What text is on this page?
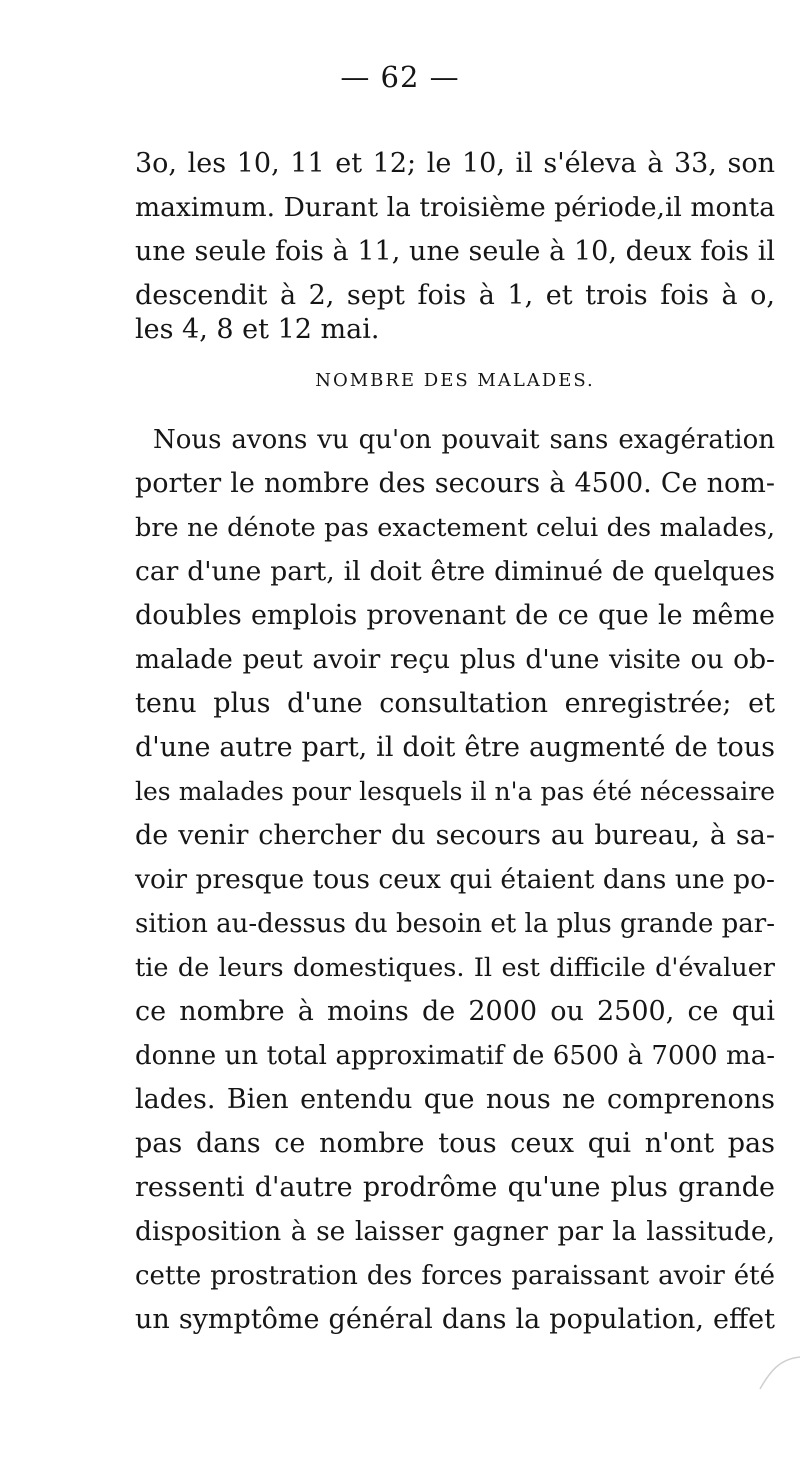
— 62 —

3o, les 10, 11 et 12; le 10, il s'éleva à 33, son

maximum. Durant la troisième période,il monta

une seule fois à 11, une seule à 10, deux fois il

descendit à 2, sept fois à 1, et trois fois à o,

les 4, 8 et 12 mai.

NOMBRE DES MALADES.

Nous avons vu qu'on pouvait sans exagération

porter le nombre des secours à 4500. Ce nom-

bre ne dénote pas exactement celui des malades,

car d'une part, il doit être diminué de quelques

doubles emplois provenant de ce que le même

malade peut avoir reçu plus d'une visite ou ob-

tenu plus d'une consultation enregistrée; et

d'une autre part, il doit être augmenté de tous

les malades pour lesquels il n'a pas été nécessaire

de venir chercher du secours au bureau, à sa-

voir presque tous ceux qui étaient dans une po-

sition au-dessus du besoin et la plus grande par-

tie de leurs domestiques. Il est difficile d'évaluer

ce nombre à moins de 2000 ou 2500, ce qui

donne un total approximatif de 6500 à 7000 ma-

lades. Bien entendu que nous ne comprenons

pas dans ce nombre tous ceux qui n'ont pas

ressenti d'autre prodrôme qu'une plus grande

disposition à se laisser gagner par la lassitude,

cette prostration des forces paraissant avoir été

un symptôme général dans la population, effet
